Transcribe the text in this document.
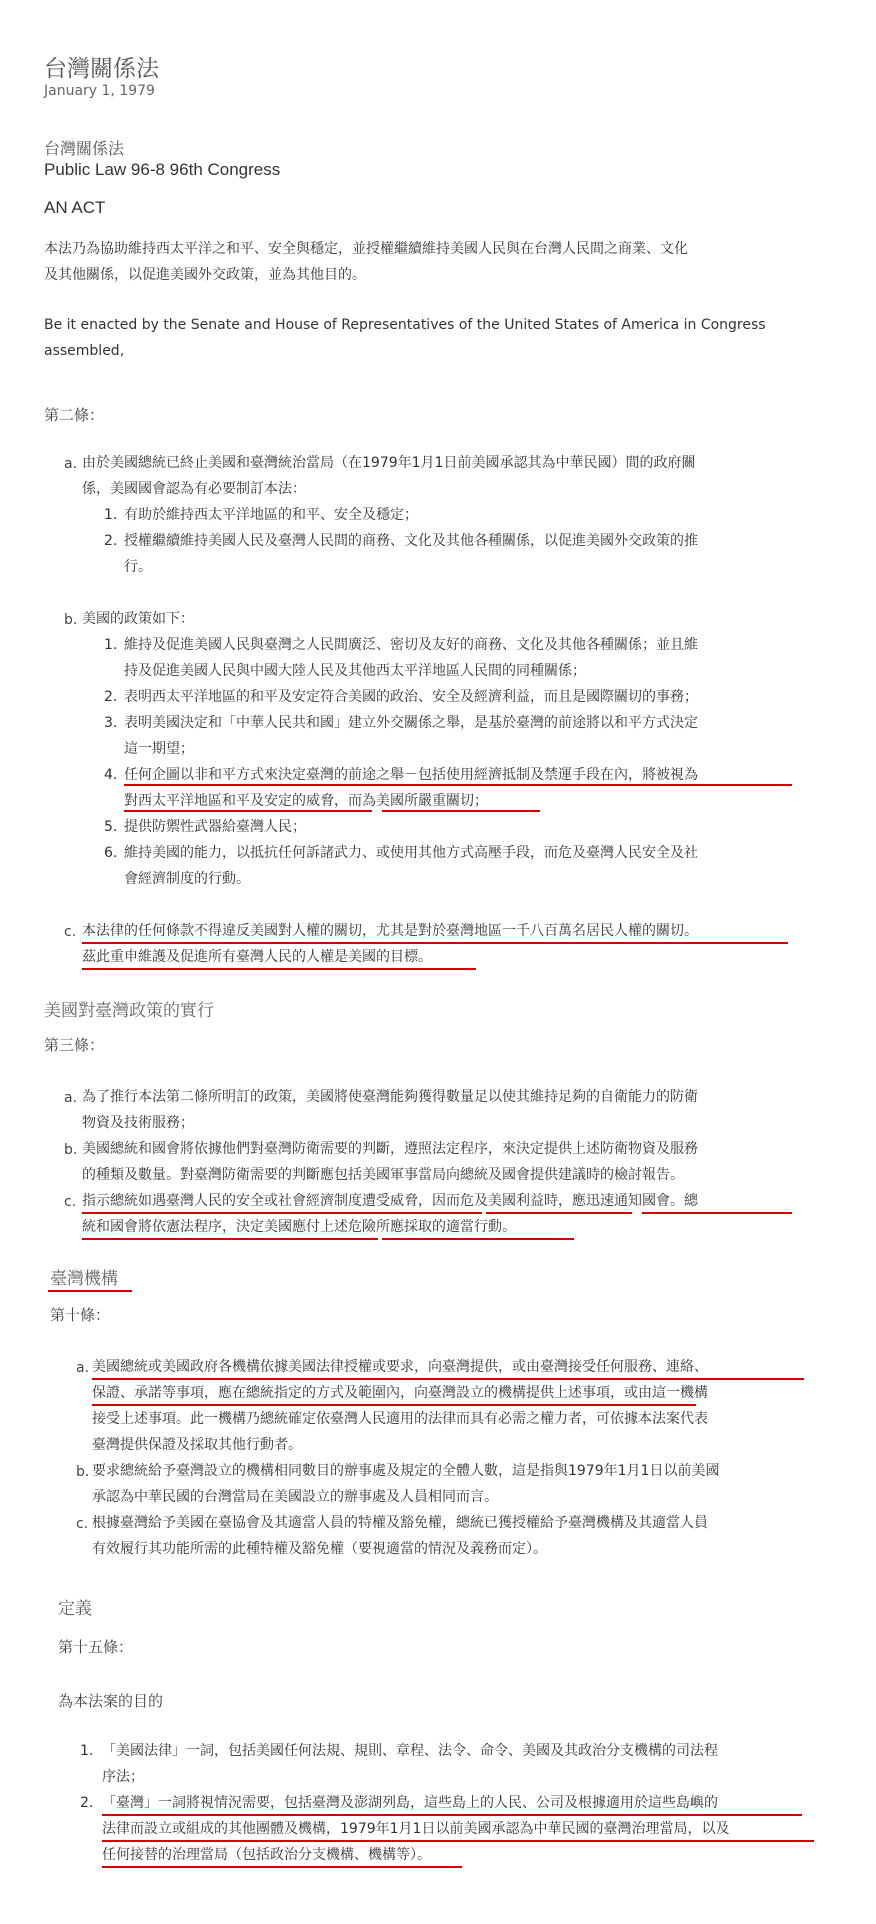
台灣關係法
January 1, 1979
台灣關係法
Public Law 96-8 96th Congress
AN ACT
本法乃為協助維持西太平洋之和平、安全與穩定，並授權繼續維持美國人民與在台灣人民間之商業、文化
及其他關係，以促進美國外交政策，並為其他目的。
Be it enacted by the Senate and House of Representatives of the United States of America in Congress
assembled,
第二條：
a. 由於美國總統已終止美國和臺灣統治當局（在1979年1月1日前美國承認其為中華民國）間的政府關
係，美國國會認為有必要制訂本法：
1. 有助於維持西太平洋地區的和平、安全及穩定；
2. 授權繼續維持美國人民及臺灣人民間的商務、文化及其他各種關係，以促進美國外交政策的推
行。
b. 美國的政策如下：
1. 維持及促進美國人民與臺灣之人民間廣泛、密切及友好的商務、文化及其他各種關係；並且維
持及促進美國人民與中國大陸人民及其他西太平洋地區人民間的同種關係；
2. 表明西太平洋地區的和平及安定符合美國的政治、安全及經濟利益，而且是國際關切的事務；
3. 表明美國決定和「中華人民共和國」建立外交關係之舉，是基於臺灣的前途將以和平方式決定
這一期望；
4. 任何企圖以非和平方式來決定臺灣的前途之舉－包括使用經濟抵制及禁運手段在內，將被視為
對西太平洋地區和平及安定的威脅，而為美國所嚴重關切；
5. 提供防禦性武器給臺灣人民；
6. 維持美國的能力，以抵抗任何訴諸武力、或使用其他方式高壓手段，而危及臺灣人民安全及社
會經濟制度的行動。
c. 本法律的任何條款不得違反美國對人權的關切，尤其是對於臺灣地區一千八百萬名居民人權的關切。
茲此重申維護及促進所有臺灣人民的人權是美國的目標。
美國對臺灣政策的實行
第三條：
a. 為了推行本法第二條所明訂的政策，美國將使臺灣能夠獲得數量足以使其維持足夠的自衛能力的防衛
物資及技術服務；
b. 美國總統和國會將依據他們對臺灣防衛需要的判斷，遵照法定程序，來決定提供上述防衛物資及服務
的種類及數量。對臺灣防衛需要的判斷應包括美國軍事當局向總統及國會提供建議時的檢討報告。
c. 指示總統如遇臺灣人民的安全或社會經濟制度遭受威脅，因而危及美國利益時，應迅速通知國會。總
統和國會將依憲法程序，決定美國應付上述危險所應採取的適當行動。
臺灣機構
第十條：
a. 美國總統或美國政府各機構依據美國法律授權或要求，向臺灣提供，或由臺灣接受任何服務、連絡、
保證、承諾等事項，應在總統指定的方式及範圍內，向臺灣設立的機構提供上述事項，或由這一機構
接受上述事項。此一機構乃總統確定依臺灣人民適用的法律而具有必需之權力者，可依據本法案代表
臺灣提供保證及採取其他行動者。
b. 要求總統給予臺灣設立的機構相同數目的辦事處及規定的全體人數，這是指與1979年1月1日以前美國
承認為中華民國的台灣當局在美國設立的辦事處及人員相同而言。
c. 根據臺灣給予美國在臺協會及其適當人員的特權及豁免權，總統已獲授權給予臺灣機構及其適當人員
有效履行其功能所需的此種特權及豁免權（要視適當的情況及義務而定）。
定義
第十五條：
為本法案的目的
1. 「美國法律」一詞，包括美國任何法規、規則、章程、法令、命令、美國及其政治分支機構的司法程
序法；
2. 「臺灣」一詞將視情況需要，包括臺灣及澎湖列島，這些島上的人民、公司及根據適用於這些島嶼的
法律而設立或組成的其他團體及機構，1979年1月1日以前美國承認為中華民國的臺灣治理當局，以及
任何接替的治理當局（包括政治分支機構、機構等）。
